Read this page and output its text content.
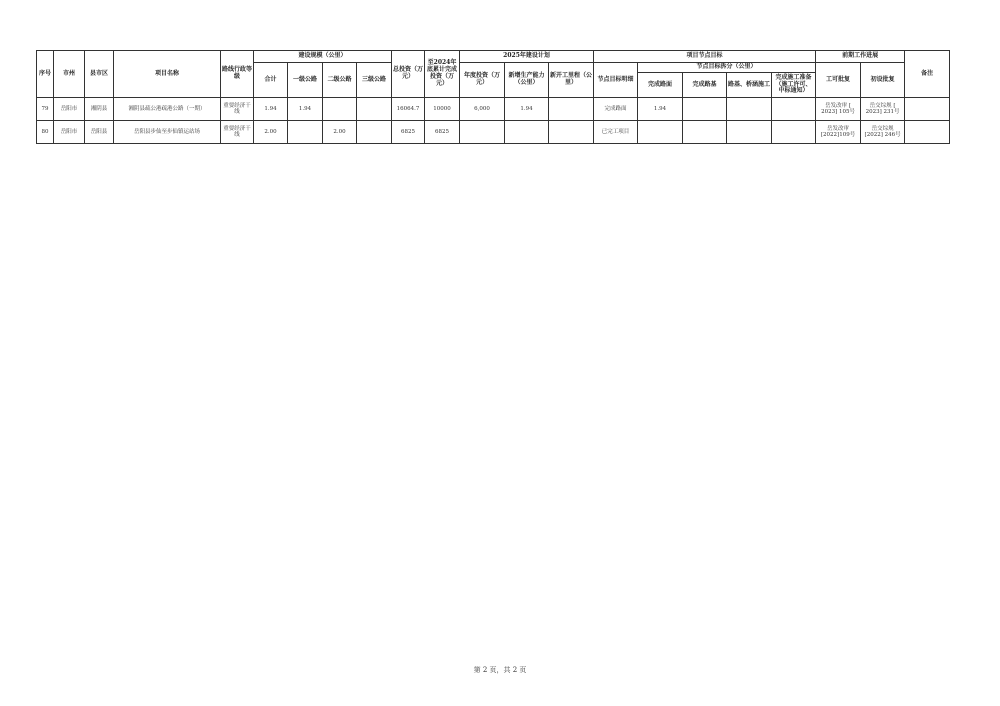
序号	市州	县市区	项目名称	路线行政等级	建设规模（公里）				总投资（万元）	至2024年底累计完成投资（万元）	2025年建设计划			项目节点目标					前期工作进展		备注
					合计	一级公路	二级公路	三级公路			年度投资（万元）	新增生产能力（公里）	新开工里程（公里）	节点目标明细	节点目标拆分（公里）				工可批复	初设批复	
															完成路面	完成路基	路基、桥涵施工	完成施工准备（施工许可、中标通知）			
79	岳阳市	湘阴县	湘阴县疏公港疏港公路（一期）	重要经济干线	1.94	1.94			16064.7	10000	6,000	1.94		完成路面	1.94				岳发改审 [ 2023] 105号	岳交综规 [ 2023] 231号	
80	岳阳市	岳阳县	岳阳县步仙至步仙镇运站场	重要经济干线	2.00		2.00		6825	6825				已完工项目					岳发改审 [2022]109号	岳交综规 [2022] 246号	
第 2 页，共 2 页
